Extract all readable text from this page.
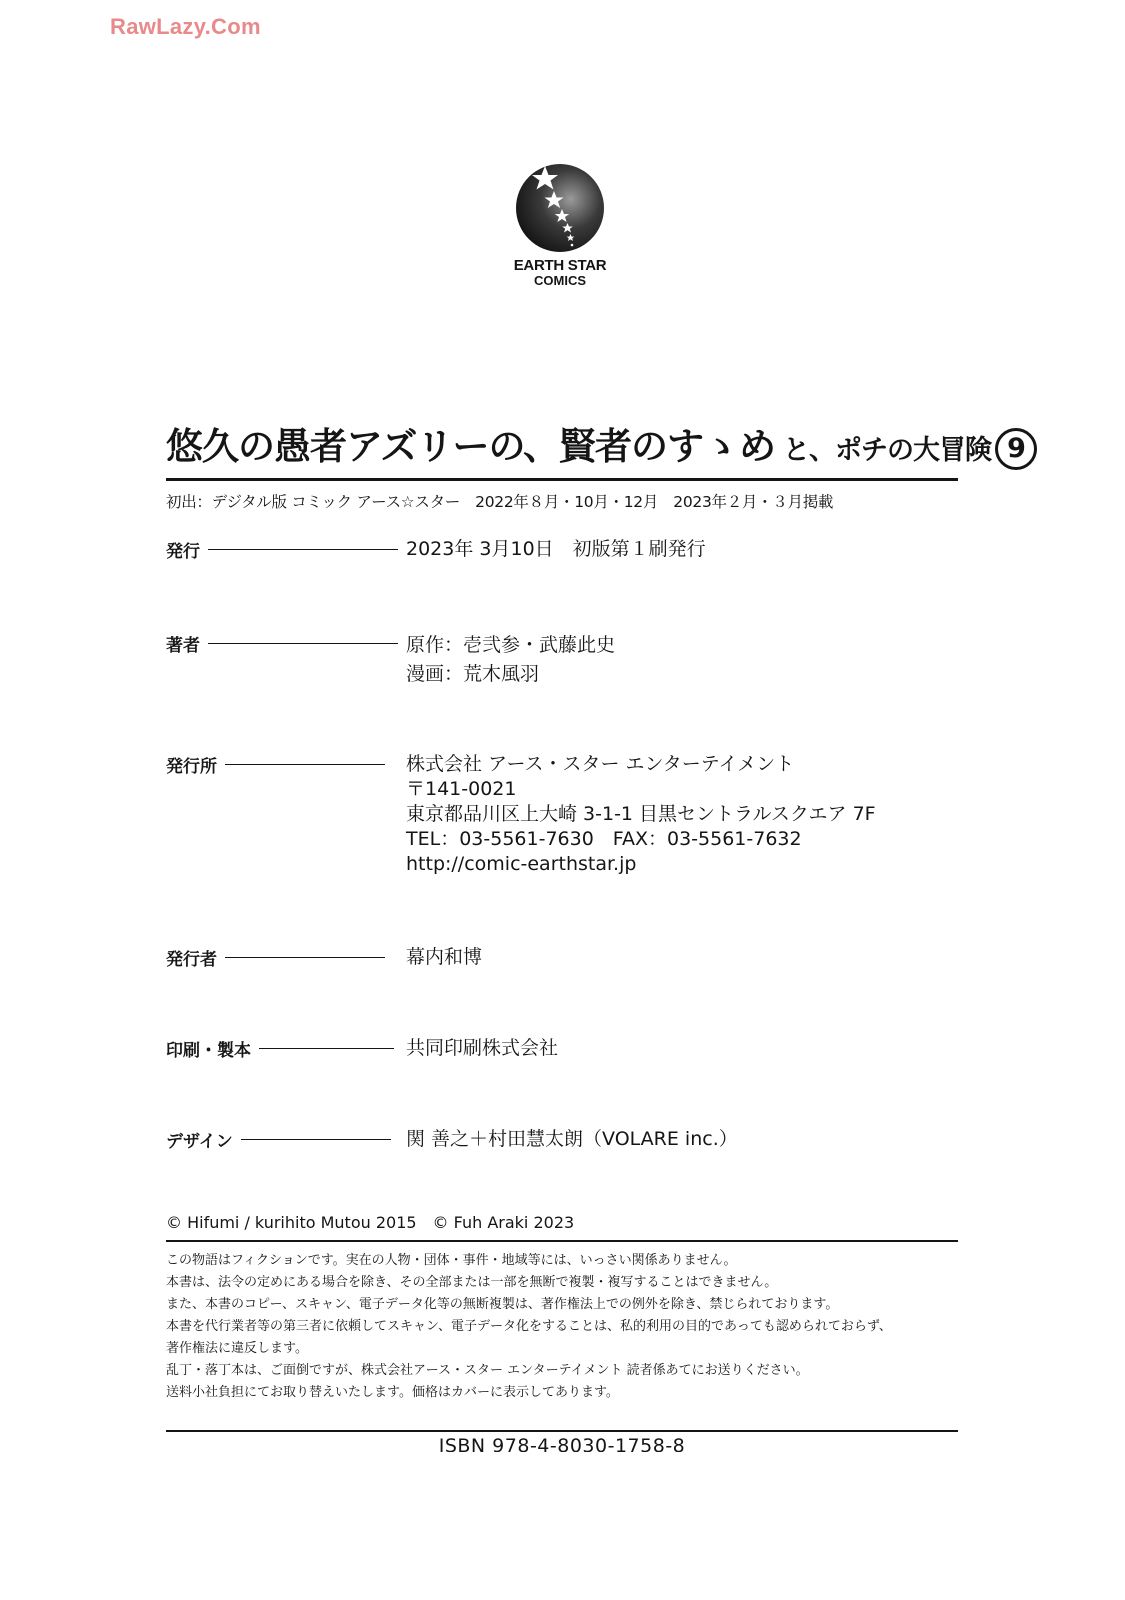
RawLazy.Com
EARTH STAR
COMICS
悠久の愚者アズリーの、賢者のすゝめ と、ポチの大冒険 9
初出：デジタル版 コミック アース☆スター　2022年８月・10月・12月　2023年２月・３月掲載
発行	2023年 3月10日　初版第１刷発行
著者	原作：壱弐参・武藤此史
漫画：荒木風羽
発行所	株式会社 アース・スター エンターテイメント
〒141-0021
東京都品川区上大崎 3-1-1 目黒セントラルスクエア 7F
TEL：03-5561-7630　FAX：03-5561-7632
http://comic-earthstar.jp
発行者	幕内和博
印刷・製本	共同印刷株式会社
デザイン	関 善之＋村田慧太朗（VOLARE inc.）
© Hifumi / kurihito Mutou 2015　© Fuh Araki 2023
この物語はフィクションです。実在の人物・団体・事件・地域等には、いっさい関係ありません。
本書は、法令の定めにある場合を除き、その全部または一部を無断で複製・複写することはできません。
また、本書のコピー、スキャン、電子データ化等の無断複製は、著作権法上での例外を除き、禁じられております。
本書を代行業者等の第三者に依頼してスキャン、電子データ化をすることは、私的利用の目的であっても認められておらず、
著作権法に違反します。
乱丁・落丁本は、ご面倒ですが、株式会社アース・スター エンターテイメント 読者係あてにお送りください。
送料小社負担にてお取り替えいたします。価格はカバーに表示してあります。
ISBN 978-4-8030-1758-8
